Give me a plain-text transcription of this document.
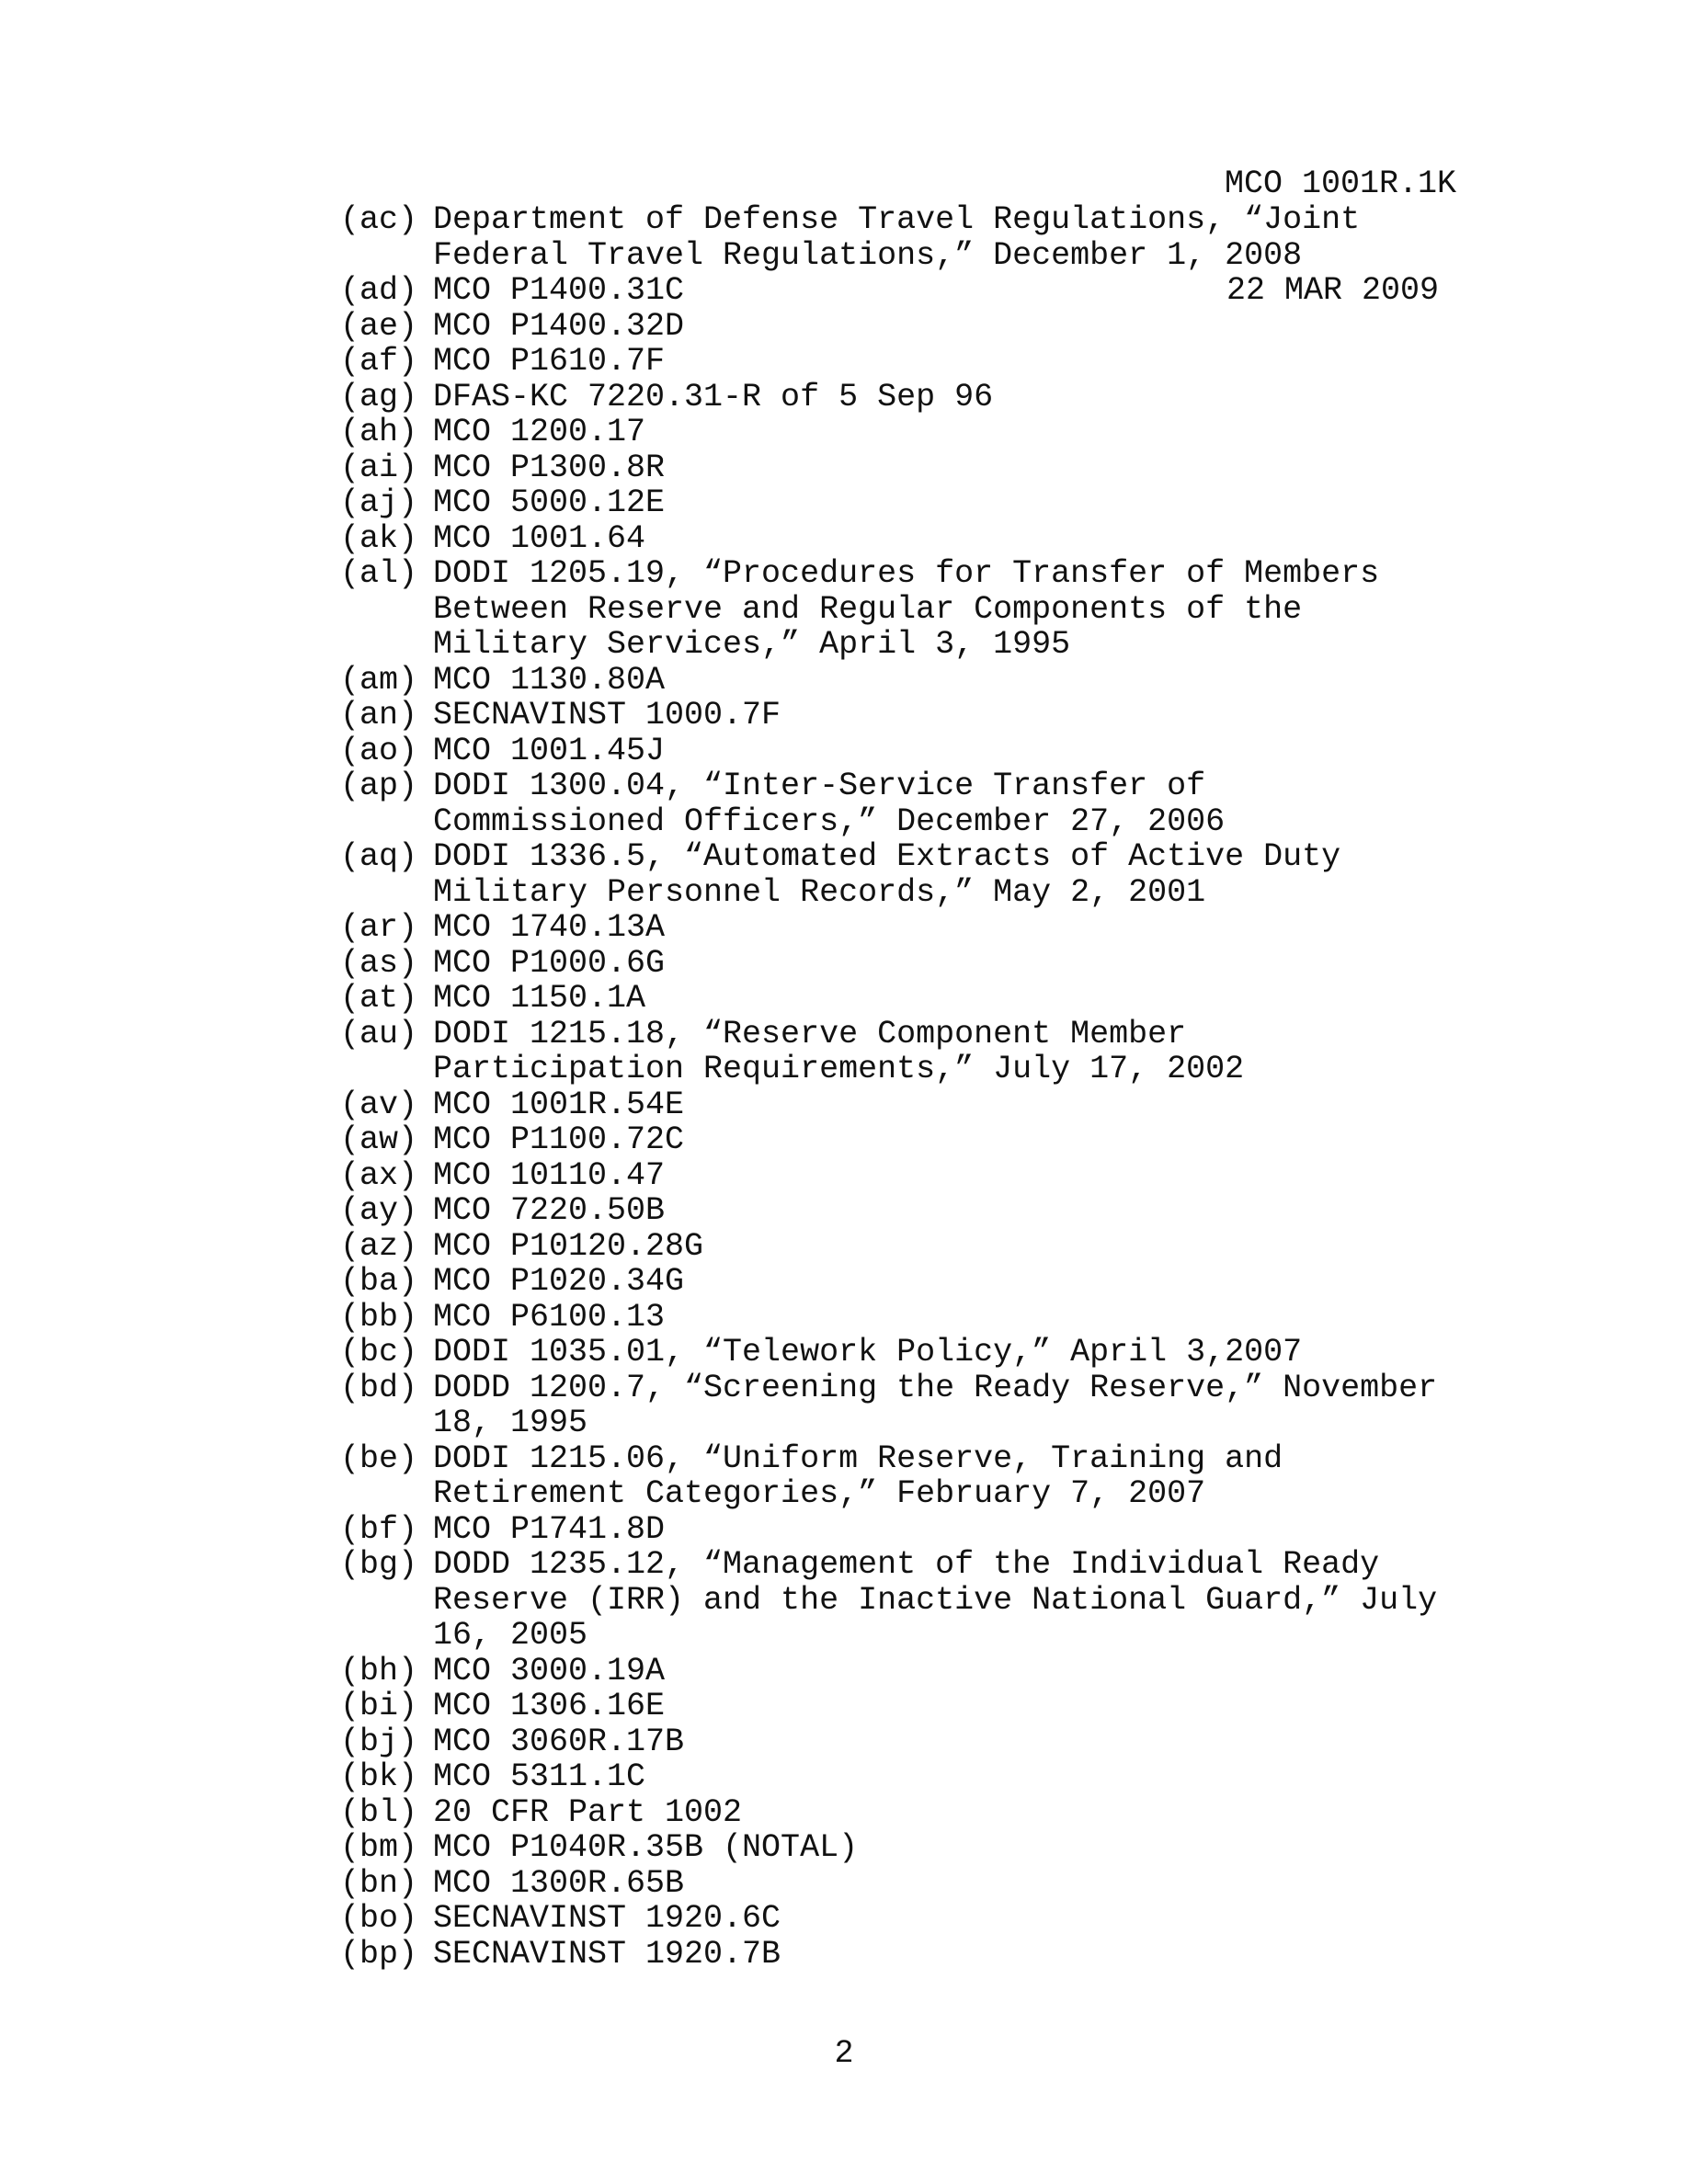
MCO 1001R.1K

22 MAR 2009

(ac) Department of Defense Travel Regulations, “Joint
Federal Travel Regulations,” December 1, 2008
(ad) MCO P1400.31C
(ae) MCO P1400.32D
(af) MCO P1610.7F
(ag) DFAS-KC 7220.31-R of 5 Sep 96
(ah) MCO 1200.17
(ai) MCO P1300.8R
(aj) MCO 5000.12E
(ak) MCO 1001.64
(al) DODI 1205.19, “Procedures for Transfer of Members
Between Reserve and Regular Components of the
Military Services,” April 3, 1995
(am) MCO 1130.80A
(an) SECNAVINST 1000.7F
(ao) MCO 1001.45J
(ap) DODI 1300.04, “Inter-Service Transfer of
Commissioned Officers,” December 27, 2006
(aq) DODI 1336.5, “Automated Extracts of Active Duty
Military Personnel Records,” May 2, 2001
(ar) MCO 1740.13A
(as) MCO P1000.6G
(at) MCO 1150.1A
(au) DODI 1215.18, “Reserve Component Member
Participation Requirements,” July 17, 2002
(av) MCO 1001R.54E
(aw) MCO P1100.72C
(ax) MCO 10110.47
(ay) MCO 7220.50B
(az) MCO P10120.28G
(ba) MCO P1020.34G
(bb) MCO P6100.13
(bc) DODI 1035.01, “Telework Policy,” April 3,2007
(bd) DODD 1200.7, “Screening the Ready Reserve,” November
18, 1995
(be) DODI 1215.06, “Uniform Reserve, Training and
Retirement Categories,” February 7, 2007
(bf) MCO P1741.8D
(bg) DODD 1235.12, “Management of the Individual Ready
Reserve (IRR) and the Inactive National Guard,” July
16, 2005
(bh) MCO 3000.19A
(bi) MCO 1306.16E
(bj) MCO 3060R.17B
(bk) MCO 5311.1C
(bl) 20 CFR Part 1002
(bm) MCO P1040R.35B (NOTAL)
(bn) MCO 1300R.65B
(bo) SECNAVINST 1920.6C
(bp) SECNAVINST 1920.7B
2
